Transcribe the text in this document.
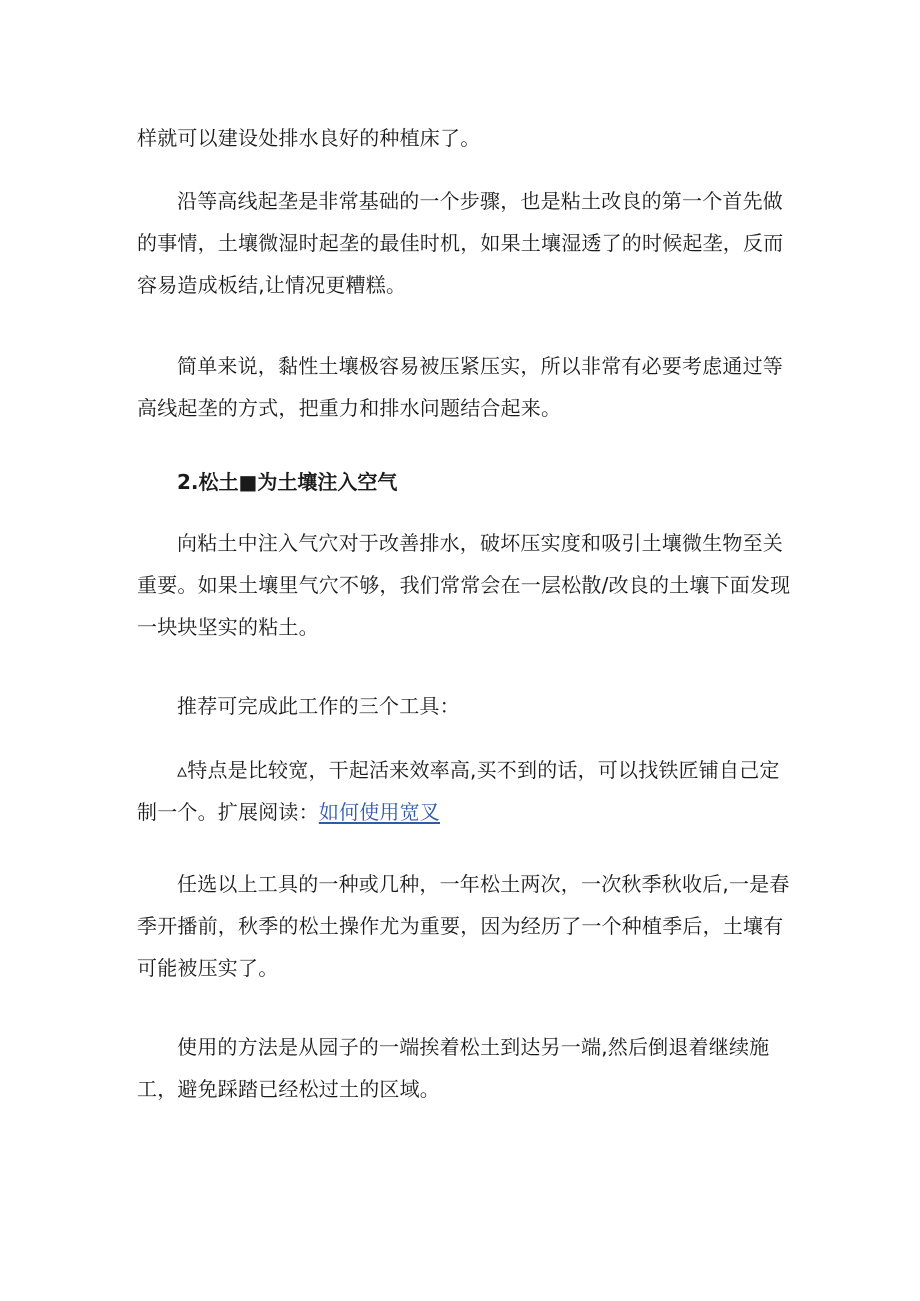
样就可以建设处排水良好的种植床了。

沿等高线起垄是非常基础的一个步骤，也是粘土改良的第一个首先做
的事情，土壤微湿时起垄的最佳时机，如果土壤湿透了的时候起垄，反而
容易造成板结,让情况更糟糕。

简单来说，黏性土壤极容易被压紧压实，所以非常有必要考虑通过等
高线起垄的方式，把重力和排水问题结合起来。

2.松土■为土壤注入空气

向粘土中注入气穴对于改善排水，破坏压实度和吸引土壤微生物至关
重要。如果土壤里气穴不够，我们常常会在一层松散/改良的土壤下面发现
一块块坚实的粘土。

推荐可完成此工作的三个工具：

▵特点是比较宽，干起活来效率高,买不到的话，可以找铁匠铺自己定
制一个。扩展阅读：如何使用宽叉

任选以上工具的一种或几种，一年松土两次，一次秋季秋收后,一是春
季开播前，秋季的松土操作尤为重要，因为经历了一个种植季后，土壤有
可能被压实了。

使用的方法是从园子的一端挨着松土到达另一端,然后倒退着继续施
工，避免踩踏已经松过土的区域。
